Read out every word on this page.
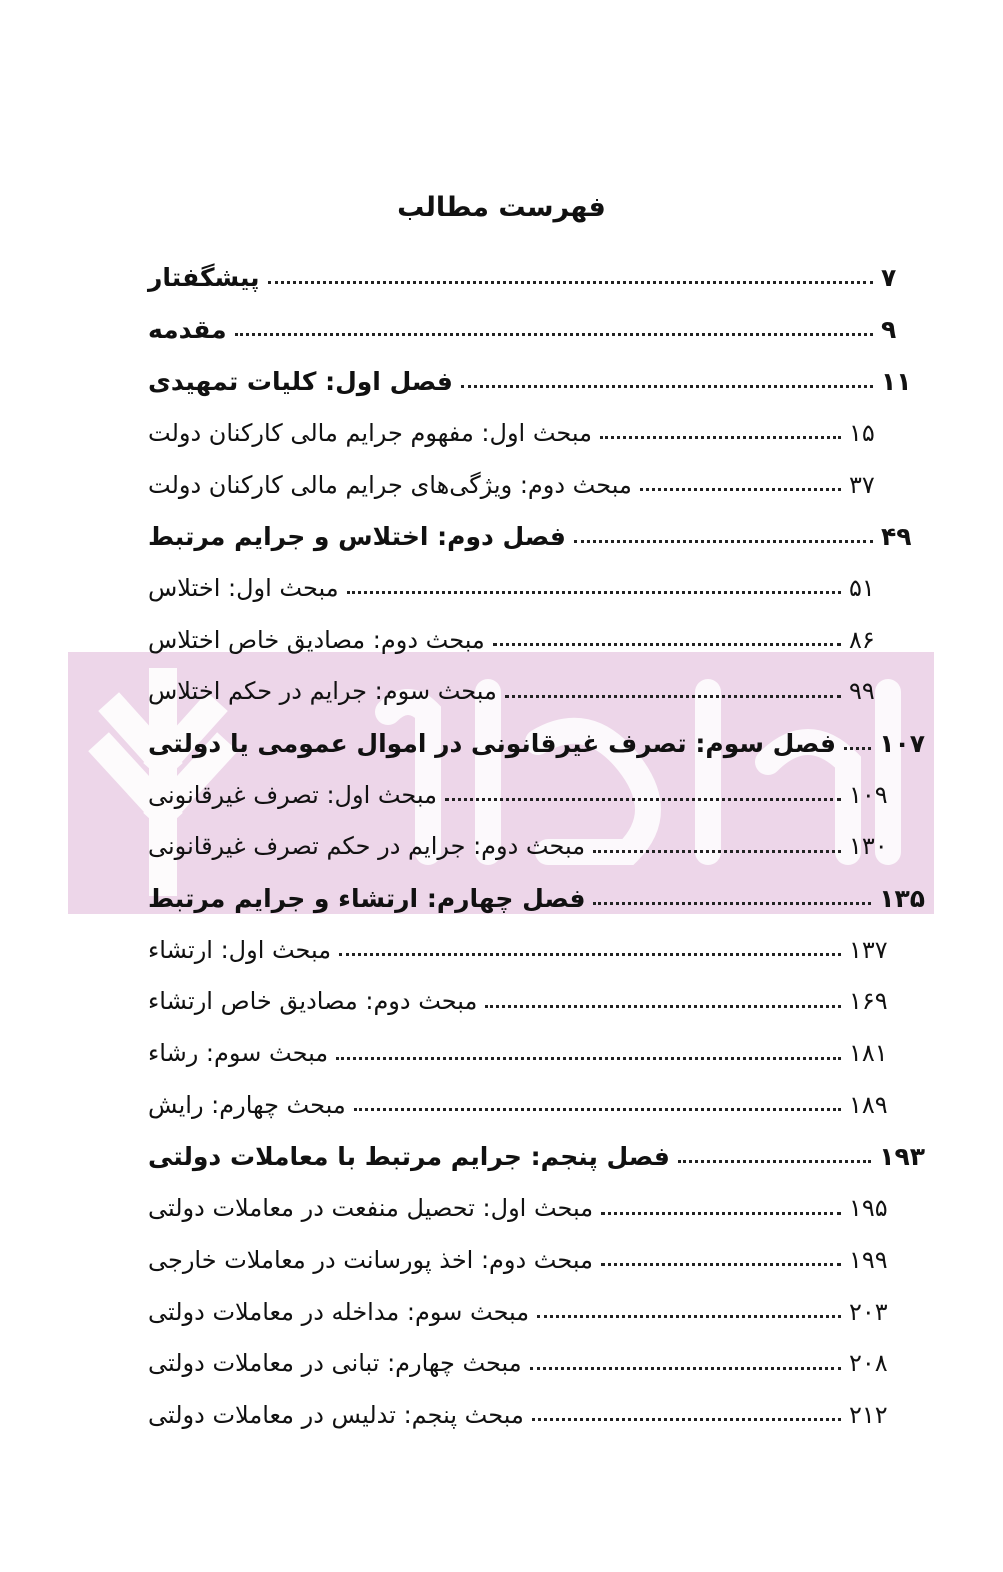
فهرست مطالب
پیشگفتار	۷
مقدمه	۹
فصل اول: کلیات تمهیدی	۱۱
مبحث اول: مفهوم جرایم مالی کارکنان دولت	۱۵
مبحث دوم: ویژگی‌های جرایم مالی کارکنان دولت	۳۷
فصل دوم: اختلاس و جرایم مرتبط	۴۹
مبحث اول: اختلاس	۵۱
مبحث دوم: مصادیق خاص اختلاس	۸۶
مبحث سوم: جرایم در حکم اختلاس	۹۹
فصل سوم: تصرف غیرقانونی در اموال عمومی یا دولتی ۱۰۷
مبحث اول: تصرف غیرقانونی	۱۰۹
مبحث دوم: جرایم در حکم تصرف غیرقانونی	۱۳۰
فصل چهارم: ارتشاء و جرایم مرتبط	۱۳۵
مبحث اول: ارتشاء	۱۳۷
مبحث دوم: مصادیق خاص ارتشاء	۱۶۹
مبحث سوم: رشاء	۱۸۱
مبحث چهارم: رایش	۱۸۹
فصل پنجم: جرایم مرتبط با معاملات دولتی	۱۹۳
مبحث اول: تحصیل منفعت در معاملات دولتی	۱۹۵
مبحث دوم: اخذ پورسانت در معاملات خارجی	۱۹۹
مبحث سوم: مداخله در معاملات دولتی	۲۰۳
مبحث چهارم: تبانی در معاملات دولتی	۲۰۸
مبحث پنجم: تدلیس در معاملات دولتی	۲۱۲
